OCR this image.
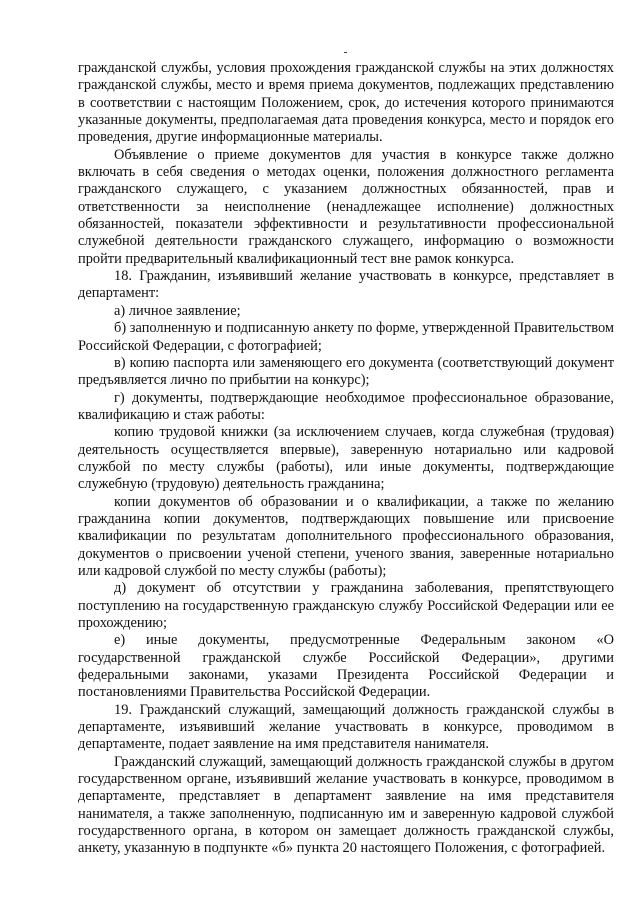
гражданской службы, условия прохождения гражданской службы на этих должностях гражданской службы, место и время приема документов, подлежащих представлению в соответствии с настоящим Положением, срок, до истечения которого принимаются указанные документы, предполагаемая дата проведения конкурса, место и порядок его проведения, другие информационные материалы.

Объявление о приеме документов для участия в конкурсе также должно включать в себя сведения о методах оценки, положения должностного регламента гражданского служащего, с указанием должностных обязанностей, прав и ответственности за неисполнение (ненадлежащее исполнение) должностных обязанностей, показатели эффективности и результативности профессиональной служебной деятельности гражданского служащего, информацию о возможности пройти предварительный квалификационный тест вне рамок конкурса.

18. Гражданин, изъявивший желание участвовать в конкурсе, представляет в департамент:

а) личное заявление;

б) заполненную и подписанную анкету по форме, утвержденной Правительством Российской Федерации, с фотографией;

в) копию паспорта или заменяющего его документа (соответствующий документ предъявляется лично по прибытии на конкурс);

г) документы, подтверждающие необходимое профессиональное образование, квалификацию и стаж работы:

копию трудовой книжки (за исключением случаев, когда служебная (трудовая) деятельность осуществляется впервые), заверенную нотариально или кадровой службой по месту службы (работы), или иные документы, подтверждающие служебную (трудовую) деятельность гражданина;

копии документов об образовании и о квалификации, а также по желанию гражданина копии документов, подтверждающих повышение или присвоение квалификации по результатам дополнительного профессионального образования, документов о присвоении ученой степени, ученого звания, заверенные нотариально или кадровой службой по месту службы (работы);

д) документ об отсутствии у гражданина заболевания, препятствующего поступлению на государственную гражданскую службу Российской Федерации или ее прохождению;

е) иные документы, предусмотренные Федеральным законом «О государственной гражданской службе Российской Федерации», другими федеральными законами, указами Президента Российской Федерации и постановлениями Правительства Российской Федерации.

19. Гражданский служащий, замещающий должность гражданской службы в департаменте, изъявивший желание участвовать в конкурсе, проводимом в департаменте, подает заявление на имя представителя нанимателя.

Гражданский служащий, замещающий должность гражданской службы в другом государственном органе, изъявивший желание участвовать в конкурсе, проводимом в департаменте, представляет в департамент заявление на имя представителя нанимателя, а также заполненную, подписанную им и заверенную кадровой службой государственного органа, в котором он замещает должность гражданской службы, анкету, указанную в подпункте «б» пункта 20 настоящего Положения, с фотографией.
